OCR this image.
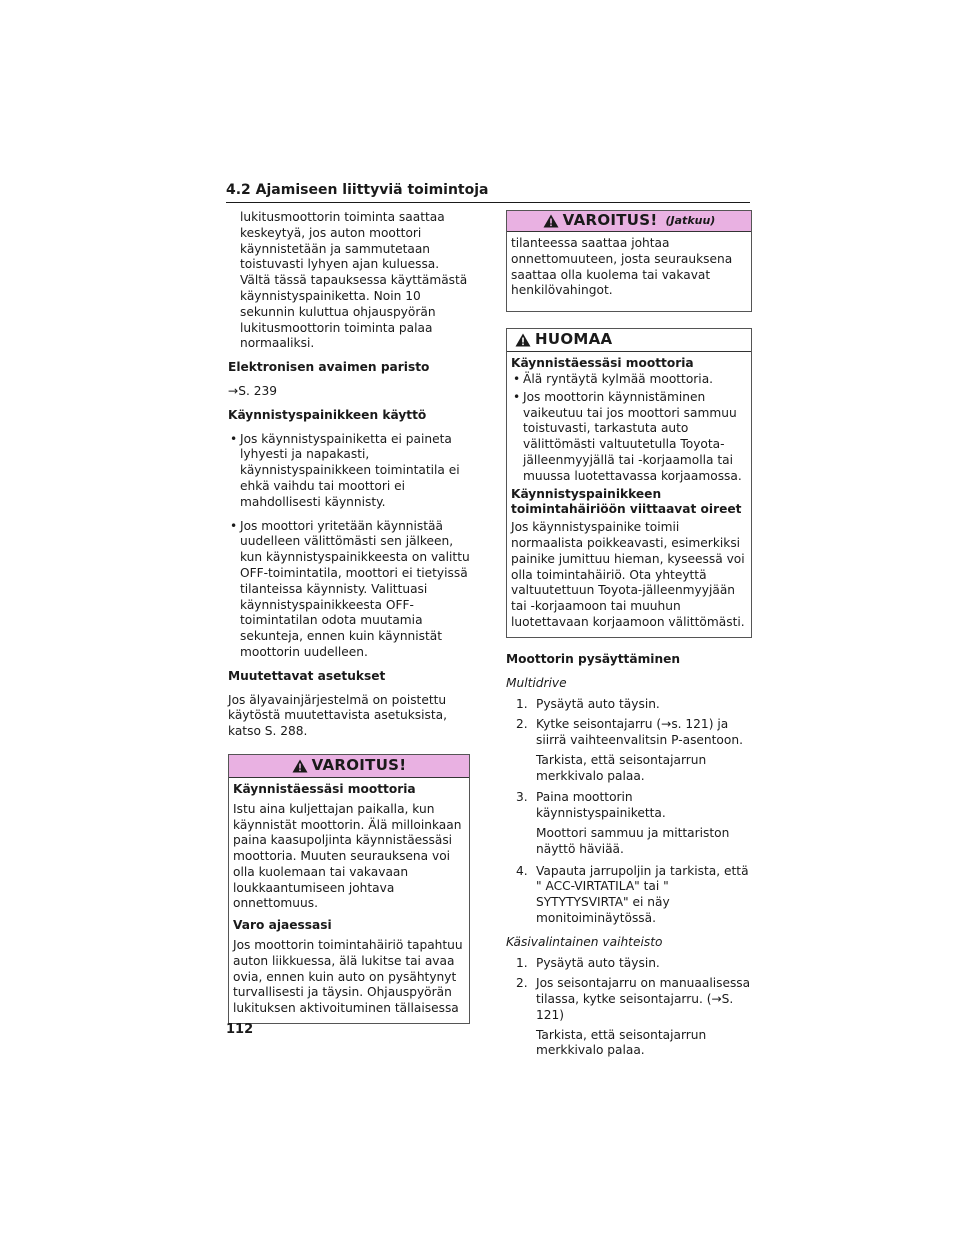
4.2 Ajamiseen liittyviä toimintoja

lukitusmoottorin toiminta saattaa keskeytyä, jos auton moottori käynnistetään ja sammutetaan toistuvasti lyhyen ajan kuluessa. Vältä tässä tapauksessa käyttämästä käynnistyspainiketta. Noin 10 sekunnin kuluttua ohjauspyörän lukitusmoottorin toiminta palaa normaaliksi.

Elektronisen avaimen paristo

→S. 239

Käynnistyspainikkeen käyttö

• Jos käynnistyspainiketta ei paineta lyhyesti ja napakasti, käynnistyspainikkeen toimintatila ei ehkä vaihdu tai moottori ei mahdollisesti käynnisty.
• Jos moottori yritetään käynnistää uudelleen välittömästi sen jälkeen, kun käynnistyspainikkeesta on valittu OFF-toimintatila, moottori ei tietyissä tilanteissa käynnisty. Valittuasi käynnistyspainikkeesta OFF-toimintatilan odota muutamia sekunteja, ennen kuin käynnistät moottorin uudelleen.

Muutettavat asetukset

Jos älyavainjärjestelmä on poistettu käytöstä muutettavista asetuksista, katso S. 288.

VAROITUS!

Käynnistäessäsi moottoria

Istu aina kuljettajan paikalla, kun käynnistät moottorin. Älä milloinkaan paina kaasupoljinta käynnistäessäsi moottoria. Muuten seurauksena voi olla kuolemaan tai vakavaan loukkaantumiseen johtava onnettomuus.

Varo ajaessasi

Jos moottorin toimintahäiriö tapahtuu auton liikkuessa, älä lukitse tai avaa ovia, ennen kuin auto on pysähtynyt turvallisesti ja täysin. Ohjauspyörän lukituksen aktivoituminen tällaisessa

VAROITUS! (Jatkuu)

tilanteessa saattaa johtaa onnettomuuteen, josta seurauksena saattaa olla kuolema tai vakavat henkilövahingot.

HUOMAA

Käynnistäessäsi moottoria

• Älä ryntäytä kylmää moottoria.
• Jos moottorin käynnistäminen vaikeutuu tai jos moottori sammuu toistuvasti, tarkastuta auto välittömästi valtuutetulla Toyota-jälleenmyyjällä tai -korjaamolla tai muussa luotettavassa korjaamossa.

Käynnistyspainikkeen toimintahäiriöön viittaavat oireet

Jos käynnistyspainike toimii normaalista poikkeavasti, esimerkiksi painike jumittuu hieman, kyseessä voi olla toimintahäiriö. Ota yhteyttä valtuutettuun Toyota-jälleenmyyjään tai -korjaamoon tai muuhun luotettavaan korjaamoon välittömästi.

Moottorin pysäyttäminen

Multidrive

1. Pysäytä auto täysin.
2. Kytke seisontajarru (→s. 121) ja siirrä vaihteenvalitsin P-asentoon.

Tarkista, että seisontajarrun merkkivalo palaa.

3. Paina moottorin käynnistyspainiketta.

Moottori sammuu ja mittariston näyttö häviää.

4. Vapauta jarrupoljin ja tarkista, että " ACC-VIRTATILA" tai " SYTYTYSVIRTA" ei näy monitoiminäytössä.

Käsivalintainen vaihteisto

1. Pysäytä auto täysin.
2. Jos seisontajarru on manuaalisessa tilassa, kytke seisontajarru. (→S. 121)

Tarkista, että seisontajarrun merkkivalo palaa.

112
